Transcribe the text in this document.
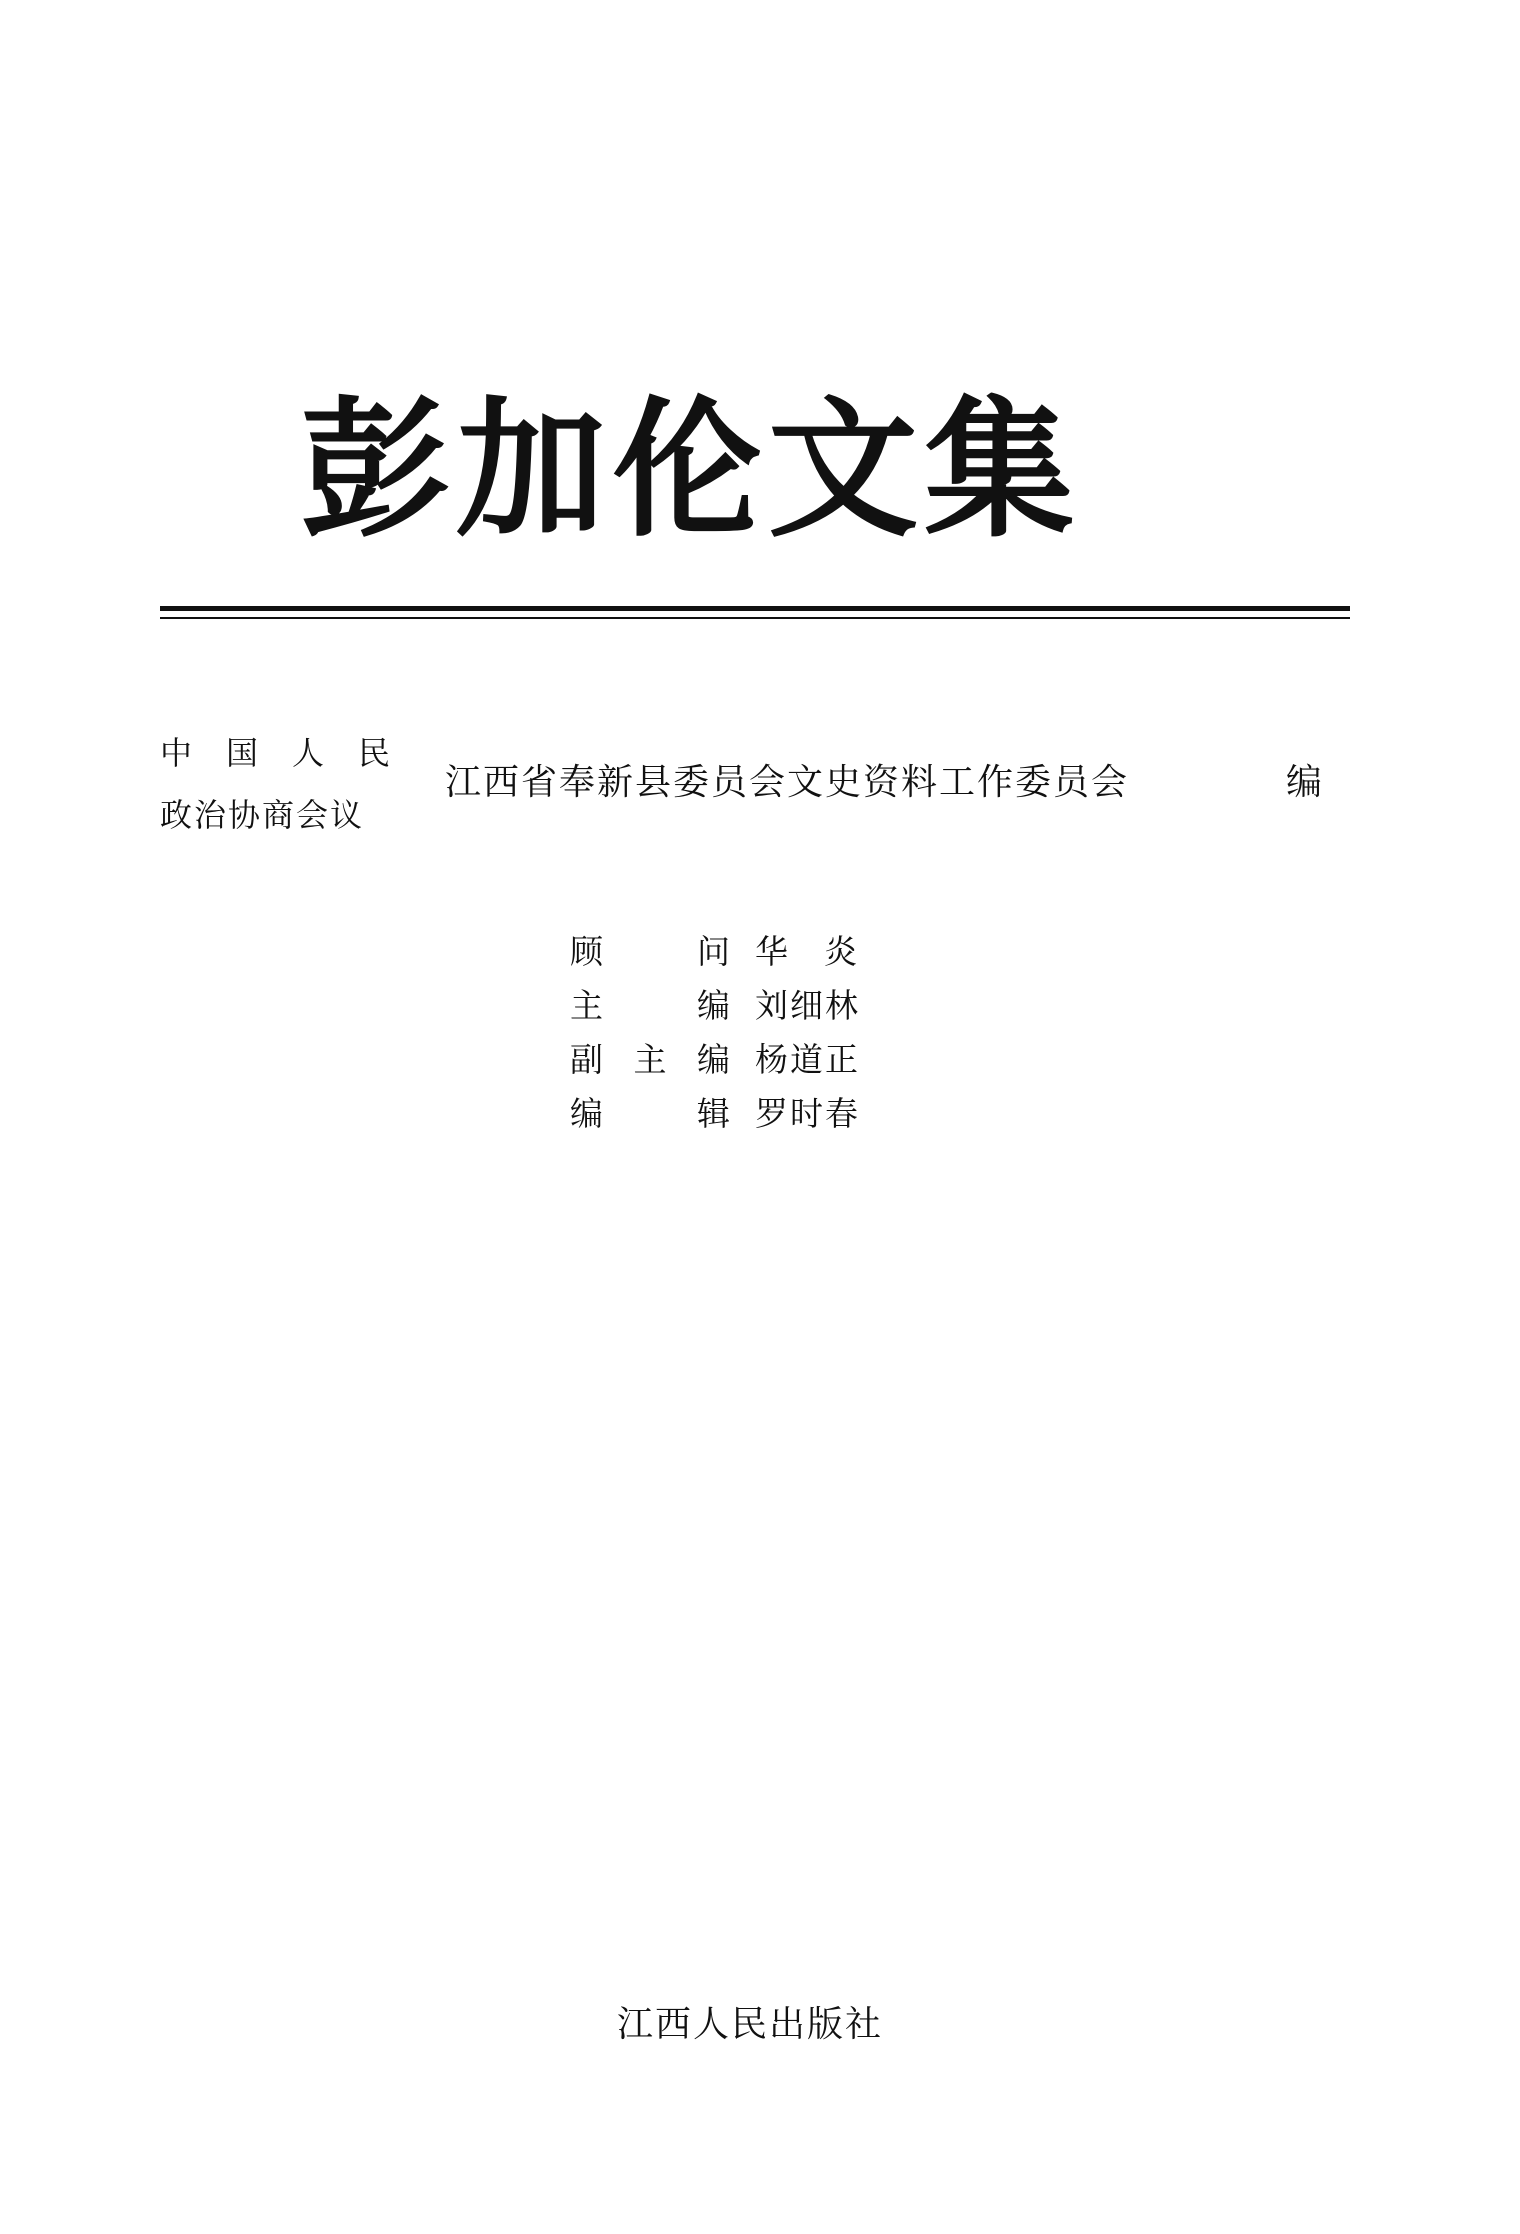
彭加伦文集
中国人民
政治协商会议
江西省奉新县委员会文史资料工作委员会	编
顾问 华炎
主编 刘细林
副主编 杨道正
编辑 罗时春
江西人民出版社
